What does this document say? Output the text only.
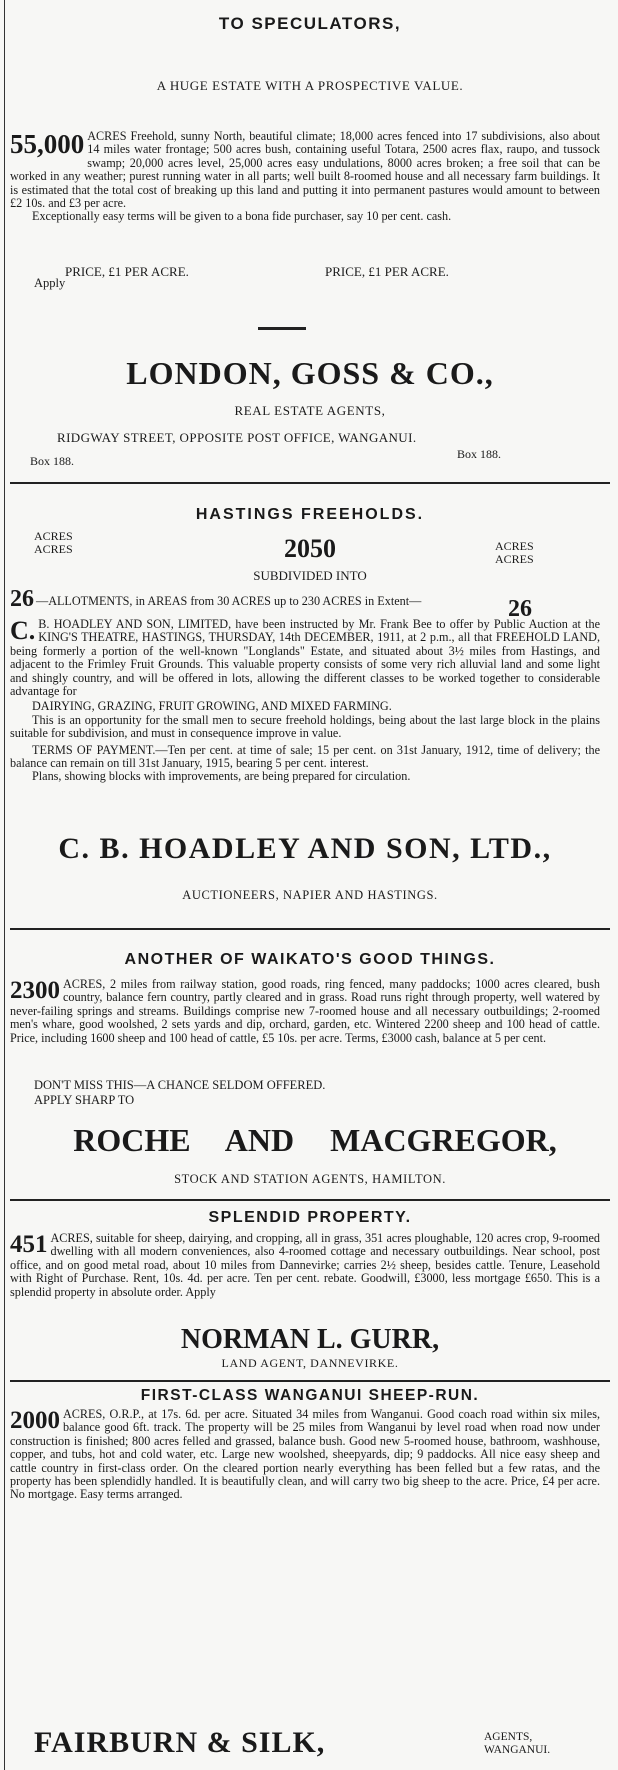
TO SPECULATORS,
A HUGE ESTATE WITH A PROSPECTIVE VALUE.
55,000 ACRES Freehold, sunny North, beautiful climate; 18,000 acres fenced into 17 subdivisions, also about 14 miles water frontage; 500 acres bush, containing useful Totara, 2500 acres flax, raupo, and tussock swamp; 20,000 acres level, 25,000 acres easy undulations, 8000 acres broken; a free soil that can be worked in any weather; purest running water in all parts; well built 8-roomed house and all necessary farm buildings. It is estimated that the total cost of breaking up this land and putting it into permanent pastures would amount to between £2 10s. and £3 per acre.
Exceptionally easy terms will be given to a bona fide purchaser, say 10 per cent. cash.
PRICE, £1 PER ACRE.	PRICE, £1 PER ACRE.
Apply
LONDON, GOSS & CO.,
REAL ESTATE AGENTS,
RIDGWAY STREET, OPPOSITE POST OFFICE, WANGANUI.
Box 188.	Box 188.
HASTINGS FREEHOLDS.
ACRES
ACRES	2050	ACRES
ACRES
SUBDIVIDED INTO
26 —ALLOTMENTS, in AREAS from 30 ACRES up to 230 ACRES in Extent—	26
C. B. HOADLEY AND SON, LIMITED, have been instructed by Mr. Frank Bee to offer by Public Auction at the KING'S THEATRE, HASTINGS, THURSDAY, 14th DECEMBER, 1911, at 2 p.m., all that FREEHOLD LAND, being formerly a portion of the well-known "Longlands" Estate, and situated about 3½ miles from Hastings, and adjacent to the Frimley Fruit Grounds. This valuable property consists of some very rich alluvial land and some light and shingly country, and will be offered in lots, allowing the different classes to be worked together to considerable advantage for
DAIRYING, GRAZING, FRUIT GROWING, AND MIXED FARMING.
This is an opportunity for the small men to secure freehold holdings, being about the last large block in the plains suitable for subdivision, and must in consequence improve in value.
TERMS OF PAYMENT.—Ten per cent. at time of sale; 15 per cent. on 31st January, 1912, time of delivery; the balance can remain on till 31st January, 1915, bearing 5 per cent. interest.
Plans, showing blocks with improvements, are being prepared for circulation.
C. B. HOADLEY AND SON, LTD.,
AUCTIONEERS, NAPIER AND HASTINGS.
ANOTHER OF WAIKATO'S GOOD THINGS.
2300 ACRES, 2 miles from railway station, good roads, ring fenced, many paddocks; 1000 acres cleared, bush country, balance fern country, partly cleared and in grass. Road runs right through property, well watered by never-failing springs and streams. Buildings comprise new 7-roomed house and all necessary outbuildings; 2-roomed men's whare, good woolshed, 2 sets yards and dip, orchard, garden, etc. Wintered 2200 sheep and 100 head of cattle. Price, including 1600 sheep and 100 head of cattle, £5 10s. per acre. Terms, £3000 cash, balance at 5 per cent.
DON'T MISS THIS—A CHANCE SELDOM OFFERED.
APPLY SHARP TO
ROCHE AND MACGREGOR,
STOCK AND STATION AGENTS, HAMILTON.
SPLENDID PROPERTY.
451 ACRES, suitable for sheep, dairying, and cropping, all in grass, 351 acres ploughable, 120 acres crop, 9-roomed dwelling with all modern conveniences, also 4-roomed cottage and necessary outbuildings. Near school, post office, and on good metal road, about 10 miles from Dannevirke; carries 2½ sheep, besides cattle. Tenure, Leasehold with Right of Purchase. Rent, 10s. 4d. per acre. Ten per cent. rebate. Goodwill, £3000, less mortgage £650. This is a splendid property in absolute order. Apply
NORMAN L. GURR,
LAND AGENT, DANNEVIRKE.
FIRST-CLASS WANGANUI SHEEP-RUN.
2000 ACRES, O.R.P., at 17s. 6d. per acre. Situated 34 miles from Wanganui. Good coach road within six miles, balance good 6ft. track. The property will be 25 miles from Wanganui by level road when road now under construction is finished; 800 acres felled and grassed, balance bush. Good new 5-roomed house, bathroom, washhouse, copper, and tubs, hot and cold water, etc. Large new woolshed, sheepyards, dip; 9 paddocks. All nice easy sheep and cattle country in first-class order. On the cleared portion nearly everything has been felled but a few ratas, and the property has been splendidly handled. It is beautifully clean, and will carry two big sheep to the acre. Price, £4 per acre. No mortgage. Easy terms arranged.
FAIRBURN & SILK,	AGENTS,
WANGANUI.
